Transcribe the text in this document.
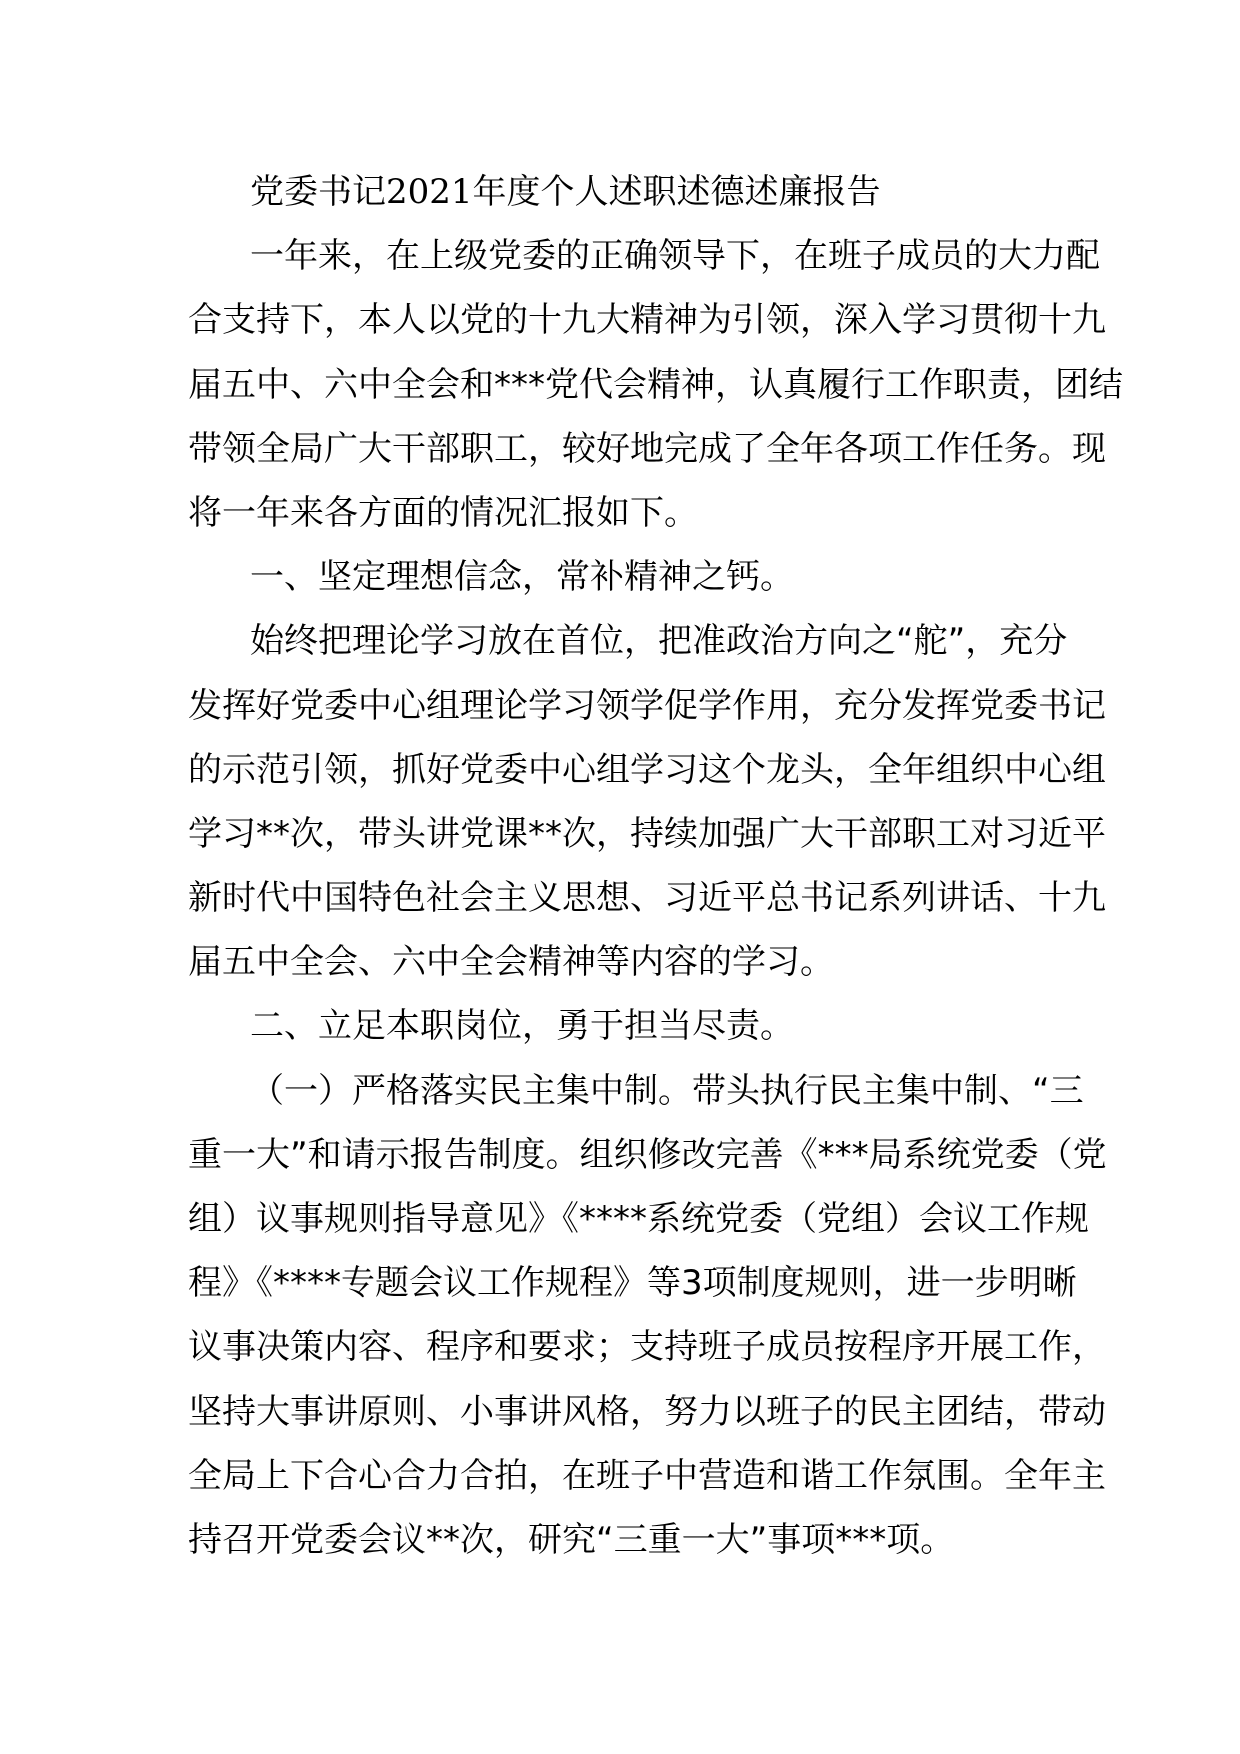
党委书记2021年度个人述职述德述廉报告
一年来，在上级党委的正确领导下，在班子成员的大力配
合支持下，本人以党的十九大精神为引领，深入学习贯彻十九
届五中、六中全会和***党代会精神，认真履行工作职责，团结
带领全局广大干部职工，较好地完成了全年各项工作任务。现
将一年来各方面的情况汇报如下。
一、坚定理想信念，常补精神之钙。
始终把理论学习放在首位，把准政治方向之“舵”，充分
发挥好党委中心组理论学习领学促学作用，充分发挥党委书记
的示范引领，抓好党委中心组学习这个龙头，全年组织中心组
学习**次，带头讲党课**次，持续加强广大干部职工对习近平
新时代中国特色社会主义思想、习近平总书记系列讲话、十九
届五中全会、六中全会精神等内容的学习。
二、立足本职岗位，勇于担当尽责。
（一）严格落实民主集中制。带头执行民主集中制、“三
重一大”和请示报告制度。组织修改完善《***局系统党委（党
组）议事规则指导意见》《****系统党委（党组）会议工作规
程》《****专题会议工作规程》等3项制度规则，进一步明晰
议事决策内容、程序和要求；支持班子成员按程序开展工作，
坚持大事讲原则、小事讲风格，努力以班子的民主团结，带动
全局上下合心合力合拍，在班子中营造和谐工作氛围。全年主
持召开党委会议**次，研究“三重一大”事项***项。
